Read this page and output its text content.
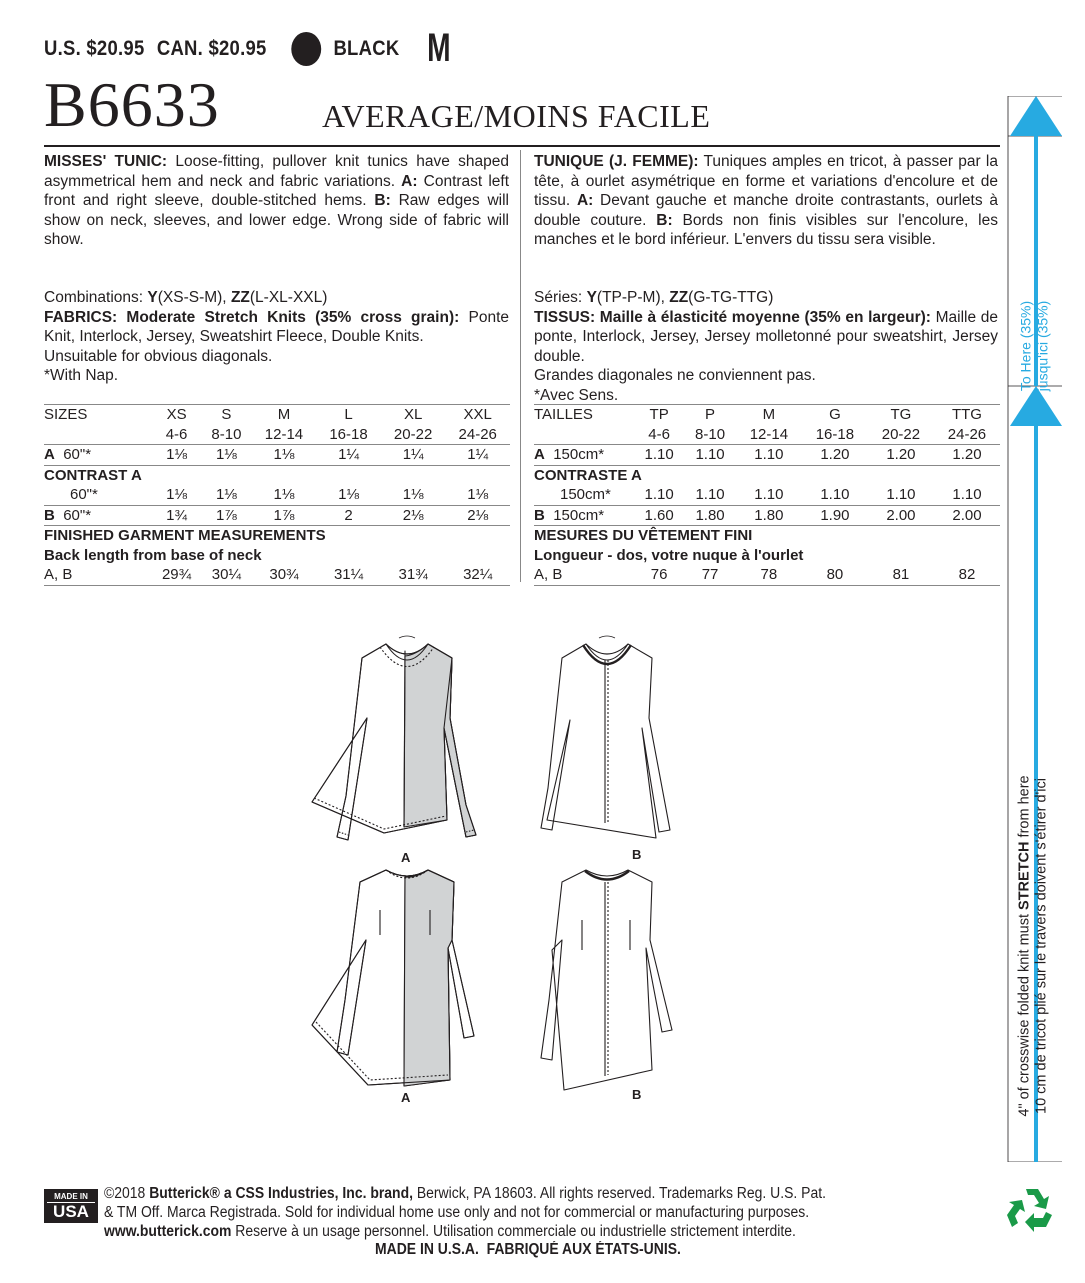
U.S. $20.95 CAN. $20.95	BLACK M
B6633	AVERAGE/MOINS FACILE
MISSES' TUNIC: Loose-fitting, pullover knit tunics have shaped asymmetrical hem and neck and fabric variations. A: Contrast left front and right sleeve, double-stitched hems. B: Raw edges will show on neck, sleeves, and lower edge. Wrong side of fabric will show.
Combinations: Y(XS-S-M), ZZ(L-XL-XXL)
FABRICS: Moderate Stretch Knits (35% cross grain): Ponte Knit, Interlock, Jersey, Sweatshirt Fleece, Double Knits.
Unsuitable for obvious diagonals.
*With Nap.
SIZES	XS	S	M	L	XL	XXL
	4-6	8-10	12-14	16-18	20-22	24-26
A 60"*	1⅛	1⅛	1⅛	1¼	1¼	1¼
CONTRAST A						
60"*	1⅛	1⅛	1⅛	1⅛	1⅛	1⅛
B 60"*	1¾	1⅞	1⅞	2	2⅛	2⅛
FINISHED GARMENT MEASUREMENTS						
Back length from base of neck						
A, B	29¾	30¼	30¾	31¼	31¾	32¼
TUNIQUE (J. FEMME): Tuniques amples en tricot, à passer par la tête, à ourlet asymétrique en forme et variations d'encolure et de tissu. A: Devant gauche et manche droite contrastants, ourlets à double couture. B: Bords non finis visibles sur l'encolure, les manches et le bord inférieur. L'envers du tissu sera visible.
Séries: Y(TP-P-M), ZZ(G-TG-TTG)
TISSUS: Maille à élasticité moyenne (35% en largeur): Maille de ponte, Interlock, Jersey, Jersey molletonné pour sweatshirt, Jersey double.
Grandes diagonales ne conviennent pas.
*Avec Sens.
TAILLES	TP	P	M	G	TG	TTG
	4-6	8-10	12-14	16-18	20-22	24-26
A 150cm*	1.10	1.10	1.10	1.20	1.20	1.20
CONTRASTE A						
150cm*	1.10	1.10	1.10	1.10	1.10	1.10
B 150cm*	1.60	1.80	1.80	1.90	2.00	2.00
MESURES DU VÊTEMENT FINI						
Longueur - dos, votre nuque à l'ourlet						
A, B	76	77	78	80	81	82
A	B
A	B
To Here (35%) jusqu'ici (35%)
4" of crosswise folded knit must STRETCH from here 10 cm de tricot plié sur le travers doivent s'étirer d'ici
MADE IN
USA
©2018 Butterick® a CSS Industries, Inc. brand, Berwick, PA 18603. All rights reserved. Trademarks Reg. U.S. Pat.
& TM Off. Marca Registrada. Sold for individual home use only and not for commercial or manufacturing purposes.
www.butterick.com Reserve à un usage personnel. Utilisation commerciale ou industrielle strictement interdite.
MADE IN U.S.A.  FABRIQUÉ AUX ÉTATS-UNIS.
